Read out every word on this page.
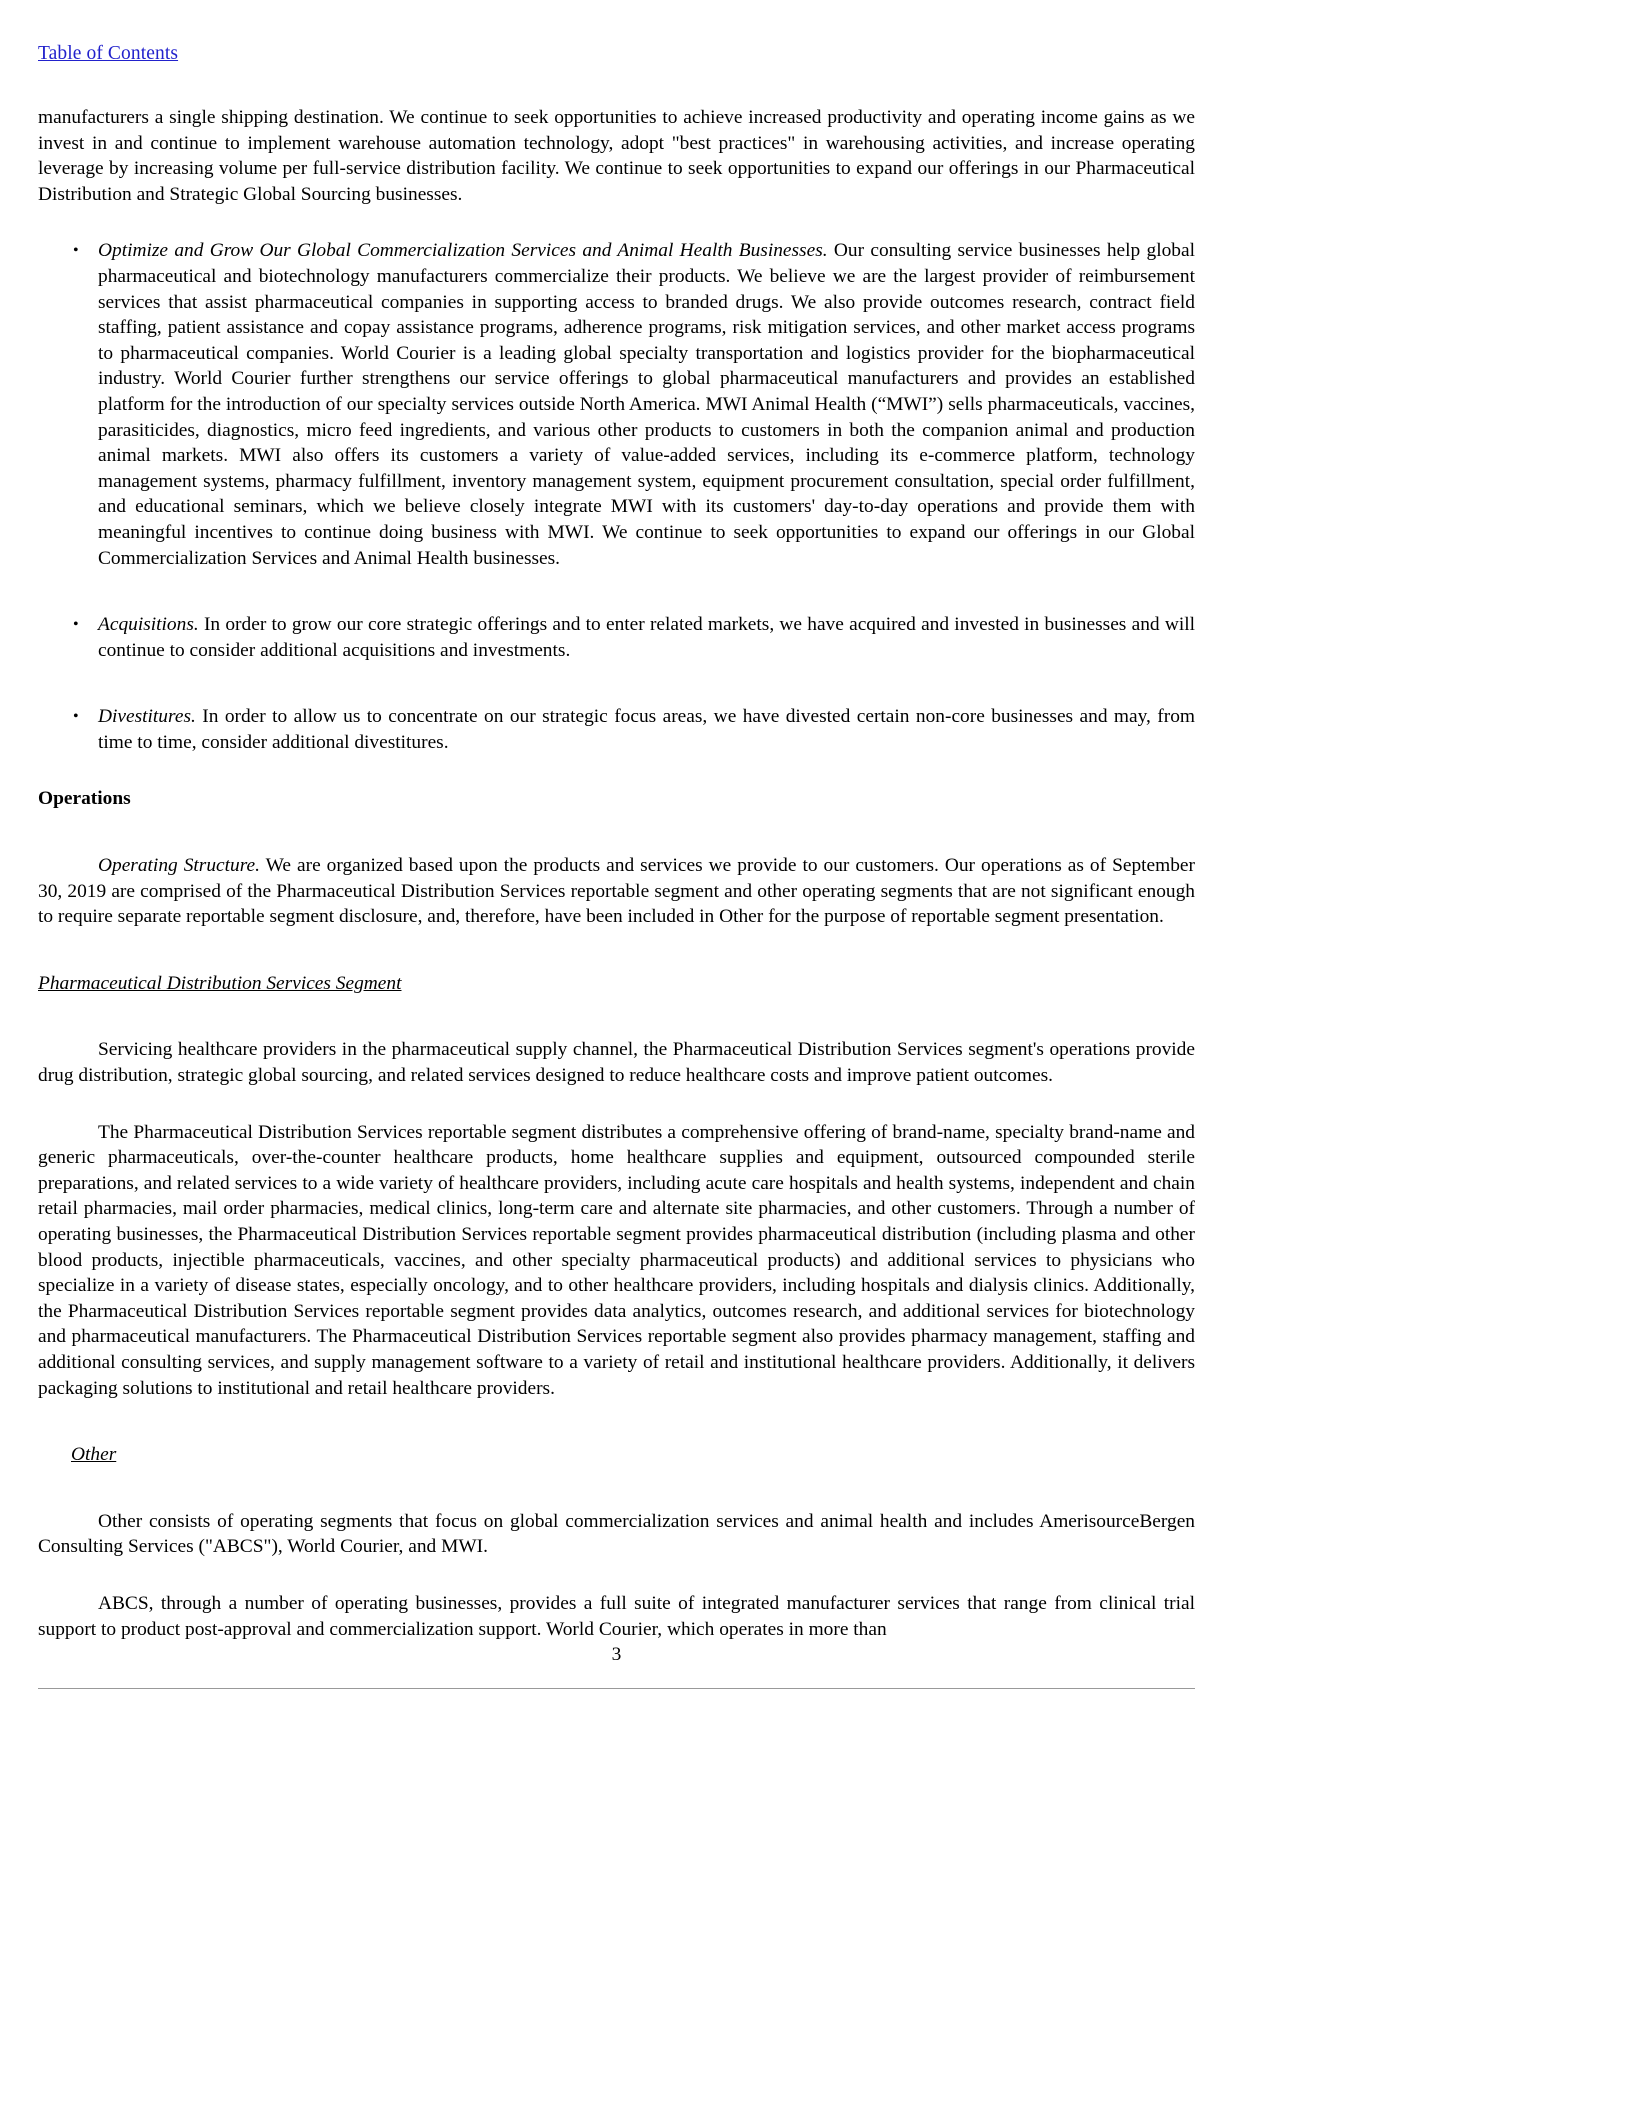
Table of Contents

manufacturers a single shipping destination. We continue to seek opportunities to achieve increased productivity and operating income gains as we invest in and continue to implement warehouse automation technology, adopt "best practices" in warehousing activities, and increase operating leverage by increasing volume per full-service distribution facility. We continue to seek opportunities to expand our offerings in our Pharmaceutical Distribution and Strategic Global Sourcing businesses.

• Optimize and Grow Our Global Commercialization Services and Animal Health Businesses. Our consulting service businesses help global pharmaceutical and biotechnology manufacturers commercialize their products. We believe we are the largest provider of reimbursement services that assist pharmaceutical companies in supporting access to branded drugs. We also provide outcomes research, contract field staffing, patient assistance and copay assistance programs, adherence programs, risk mitigation services, and other market access programs to pharmaceutical companies. World Courier is a leading global specialty transportation and logistics provider for the biopharmaceutical industry. World Courier further strengthens our service offerings to global pharmaceutical manufacturers and provides an established platform for the introduction of our specialty services outside North America. MWI Animal Health (“MWI”) sells pharmaceuticals, vaccines, parasiticides, diagnostics, micro feed ingredients, and various other products to customers in both the companion animal and production animal markets. MWI also offers its customers a variety of value-added services, including its e-commerce platform, technology management systems, pharmacy fulfillment, inventory management system, equipment procurement consultation, special order fulfillment, and educational seminars, which we believe closely integrate MWI with its customers' day-to-day operations and provide them with meaningful incentives to continue doing business with MWI. We continue to seek opportunities to expand our offerings in our Global Commercialization Services and Animal Health businesses.
• Acquisitions. In order to grow our core strategic offerings and to enter related markets, we have acquired and invested in businesses and will continue to consider additional acquisitions and investments.
• Divestitures. In order to allow us to concentrate on our strategic focus areas, we have divested certain non-core businesses and may, from time to time, consider additional divestitures.
Operations

Operating Structure. We are organized based upon the products and services we provide to our customers. Our operations as of September 30, 2019 are comprised of the Pharmaceutical Distribution Services reportable segment and other operating segments that are not significant enough to require separate reportable segment disclosure, and, therefore, have been included in Other for the purpose of reportable segment presentation.

Pharmaceutical Distribution Services Segment

Servicing healthcare providers in the pharmaceutical supply channel, the Pharmaceutical Distribution Services segment's operations provide drug distribution, strategic global sourcing, and related services designed to reduce healthcare costs and improve patient outcomes.

The Pharmaceutical Distribution Services reportable segment distributes a comprehensive offering of brand-name, specialty brand-name and generic pharmaceuticals, over-the-counter healthcare products, home healthcare supplies and equipment, outsourced compounded sterile preparations, and related services to a wide variety of healthcare providers, including acute care hospitals and health systems, independent and chain retail pharmacies, mail order pharmacies, medical clinics, long-term care and alternate site pharmacies, and other customers. Through a number of operating businesses, the Pharmaceutical Distribution Services reportable segment provides pharmaceutical distribution (including plasma and other blood products, injectible pharmaceuticals, vaccines, and other specialty pharmaceutical products) and additional services to physicians who specialize in a variety of disease states, especially oncology, and to other healthcare providers, including hospitals and dialysis clinics. Additionally, the Pharmaceutical Distribution Services reportable segment provides data analytics, outcomes research, and additional services for biotechnology and pharmaceutical manufacturers. The Pharmaceutical Distribution Services reportable segment also provides pharmacy management, staffing and additional consulting services, and supply management software to a variety of retail and institutional healthcare providers. Additionally, it delivers packaging solutions to institutional and retail healthcare providers.

Other

Other consists of operating segments that focus on global commercialization services and animal health and includes AmerisourceBergen Consulting Services ("ABCS"), World Courier, and MWI.

ABCS, through a number of operating businesses, provides a full suite of integrated manufacturer services that range from clinical trial support to product post-approval and commercialization support. World Courier, which operates in more than

3
